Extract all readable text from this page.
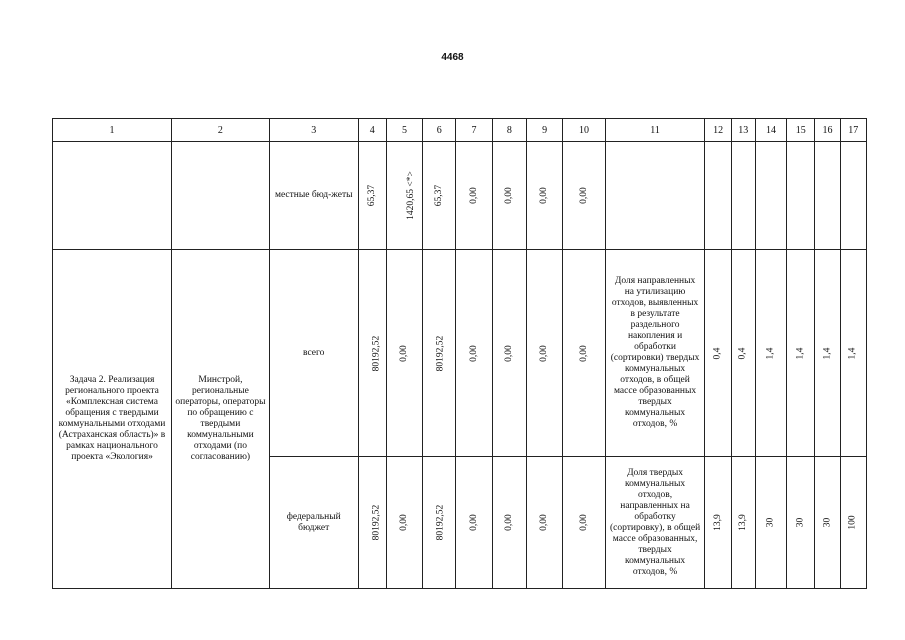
4468
1	2	3	4	5	6	7	8	9	10	11	12	13	14	15	16	17

		местные бюд-жеты	65,37	1420,65 <*>	65,37	0,00	0,00	0,00	0,00							

Задача 2. Реализация регионального проекта «Комплексная система обращения с твердыми коммунальными отходами (Астраханская область)» в рамках национального проекта «Экология»	Минстрой, региональные операторы, операторы по обращению с твердыми коммунальными отходами (по согласованию)	всего	80192,52	0,00	80192,52	0,00	0,00	0,00	0,00	Доля направленных на утилизацию отходов, выявленных в результате раздельного накопления и обработки (сортировки) твердых коммунальных отходов, в общей массе образованных твердых коммунальных отходов, %	0,4	0,4	1,4	1,4	1,4	1,4

		федеральный бюджет	80192,52	0,00	80192,52	0,00	0,00	0,00	0,00	Доля твердых коммунальных отходов, направленных на обработку (сортировку), в общей массе образованных, твердых коммунальных отходов, %	13,9	13,9	30	30	30	100
